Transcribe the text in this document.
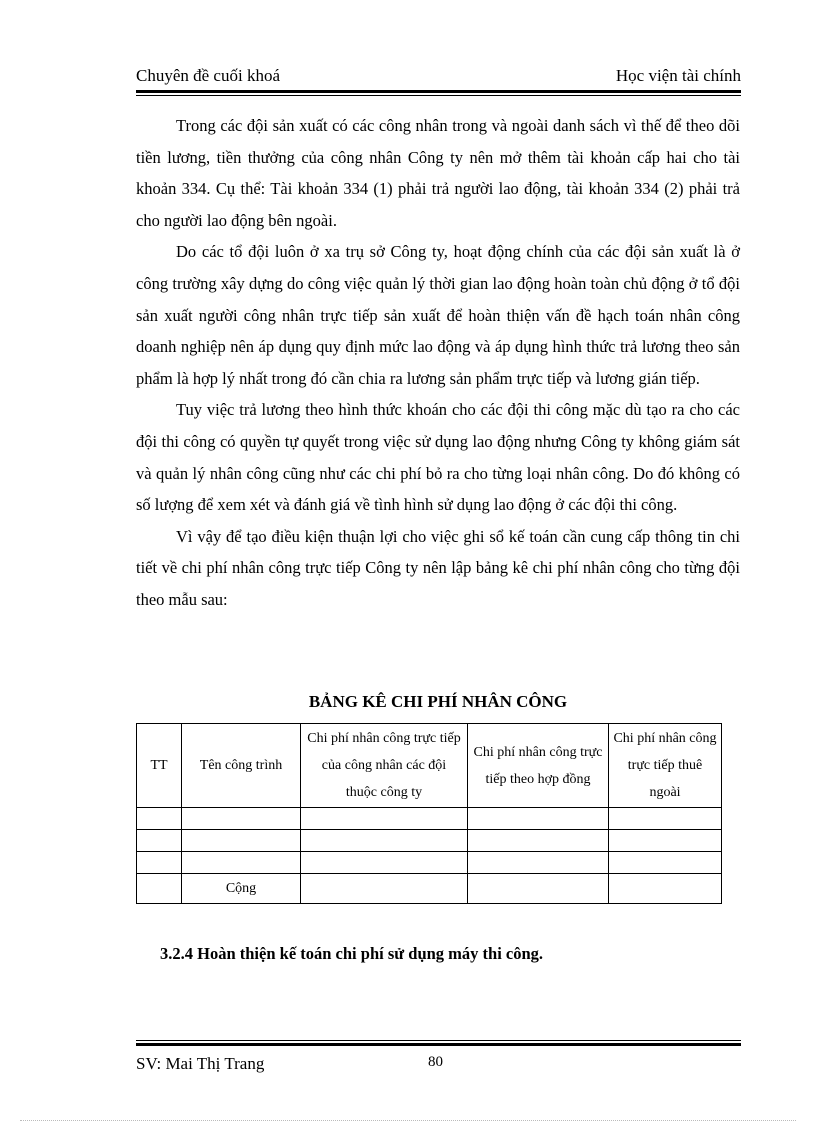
Chuyên đề cuối khoá	Học viện tài chính

Trong các đội sản xuất có các công nhân trong và ngoài danh sách vì thế để theo dõi tiền lương, tiền thưởng của công nhân Công ty nên mở thêm tài khoản cấp hai cho tài khoản 334. Cụ thể: Tài khoản 334 (1) phải trả người lao động, tài khoản 334 (2) phải trả cho người lao động bên ngoài.

Do các tổ đội luôn ở xa trụ sở Công ty, hoạt động chính của các đội sản xuất là ở công trường xây dựng do công việc quản lý thời gian lao động hoàn toàn chủ động ở tổ đội sản xuất người công nhân trực tiếp sản xuất để hoàn thiện vấn đề hạch toán nhân công doanh nghiệp nên áp dụng quy định mức lao động và áp dụng hình thức trả lương theo sản phẩm là hợp lý nhất trong đó cần chia ra lương sản phẩm trực tiếp và lương gián tiếp.

Tuy việc trả lương theo hình thức khoán cho các đội thi công mặc dù tạo ra cho các đội thi công có quyền tự quyết trong việc sử dụng lao động nhưng Công ty không giám sát và quản lý nhân công cũng như các chi phí bỏ ra cho từng loại nhân công. Do đó không có số lượng để xem xét và đánh giá về tình hình sử dụng lao động ở các đội thi công.

Vì vậy để tạo điều kiện thuận lợi cho việc ghi sổ kế toán cần cung cấp thông tin chi tiết về chi phí nhân công trực tiếp Công ty nên lập bảng kê chi phí nhân công cho từng đội theo mẫu sau:

BẢNG KÊ CHI PHÍ NHÂN CÔNG
TT	Tên công trình	Chi phí nhân công trực tiếp của công nhân các đội thuộc công ty	Chi phí nhân công trực tiếp theo hợp đồng	Chi phí nhân công trực tiếp thuê ngoài

	Cộng			
3.2.4 Hoàn thiện kế toán chi phí sử dụng máy thi công.
SV: Mai Thị Trang	80
